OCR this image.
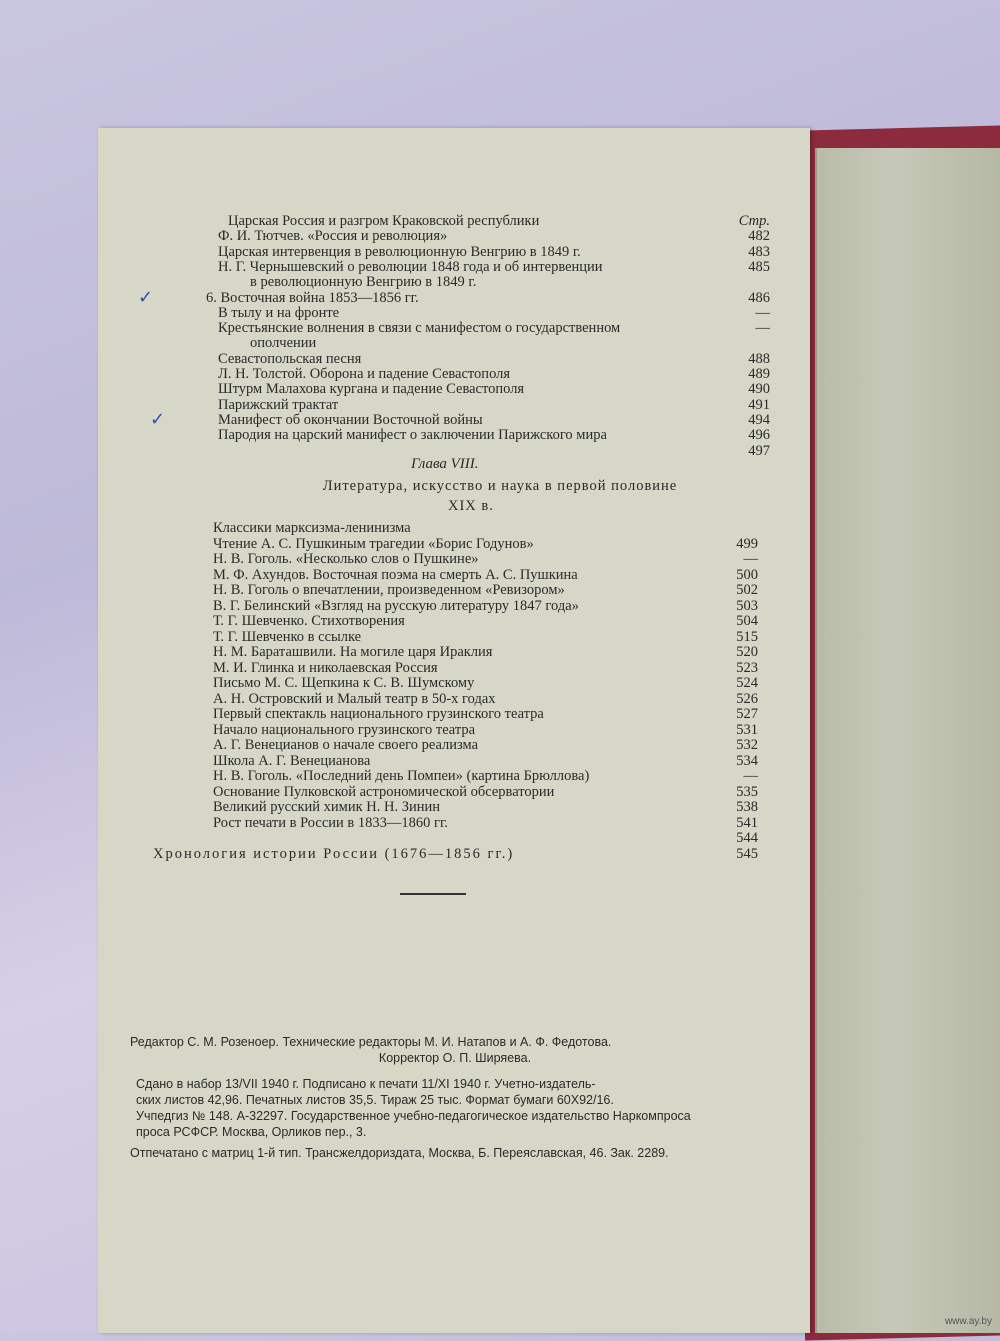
Стр.
Царская Россия и разгром Краковской республики
Ф. И. Тютчев. «Россия и революция»	482
Царская интервенция в революционную Венгрию в 1849 г.	483
Н. Г. Чернышевский о революции 1848 года и об интервенции	485
в революционную Венгрию в 1849 г.
6. Восточная война 1853—1856 гг.	486
✓
В тылу и на фронте	—
Крестьянские волнения в связи с манифестом о государственном	—
ополчении
Севастопольская песня	488
Л. Н. Толстой. Оборона и падение Севастополя	489
Штурм Малахова кургана и падение Севастополя	490
Парижский трактат	491
Манифест об окончании Восточной войны	494
✓
Пародия на царский манифест о заключении Парижского мира	496
497
Классики марксизма-ленинизма
Чтение А. С. Пушкиным трагедии «Борис Годунов»	499
Н. В. Гоголь. «Несколько слов о Пушкине»	—
М. Ф. Ахундов. Восточная поэма на смерть А. С. Пушкина	500
Н. В. Гоголь о впечатлении, произведенном «Ревизором»	502
В. Г. Белинский «Взгляд на русскую литературу 1847 года»	503
Т. Г. Шевченко. Стихотворения	504
Т. Г. Шевченко в ссылке	515
Н. М. Бараташвили. На могиле царя Ираклия	520
М. И. Глинка и николаевская Россия	523
Письмо М. С. Щепкина к С. В. Шумскому	524
А. Н. Островский и Малый театр в 50-х годах	526
Первый спектакль национального грузинского театра	527
Начало национального грузинского театра	531
А. Г. Венецианов о начале своего реализма	532
Школа А. Г. Венецианова	534
Н. В. Гоголь. «Последний день Помпеи» (картина Брюллова)	—
Основание Пулковской астрономической обсерватории	535
Великий русский химик Н. Н. Зинин	538
Рост печати в России в 1833—1860 гг.	541
544
Хронология истории России (1676—1856 гг.)	545
Глава VIII.
Литература, искусство и наука в первой половине
XIX в.
Редактор С. М. Розеноер. Технические редакторы М. И. Натапов и А. Ф. Федотова.
Корректор О. П. Ширяева.
Сдано в набор 13/VII 1940 г. Подписано к печати 11/XI 1940 г. Учетно-издатель-
ских листов 42,96. Печатных листов 35,5. Тираж 25 тыс. Формат бумаги 60Х92/16.
Учпедгиз № 148. А-32297. Государственное учебно-педагогическое издательство Наркомпроса
проса РСФСР. Москва, Орликов пер., 3.
Отпечатано с матриц 1-й тип. Трансжелдориздата, Москва, Б. Переяславская, 46. Зак. 2289.
www.ay.by
